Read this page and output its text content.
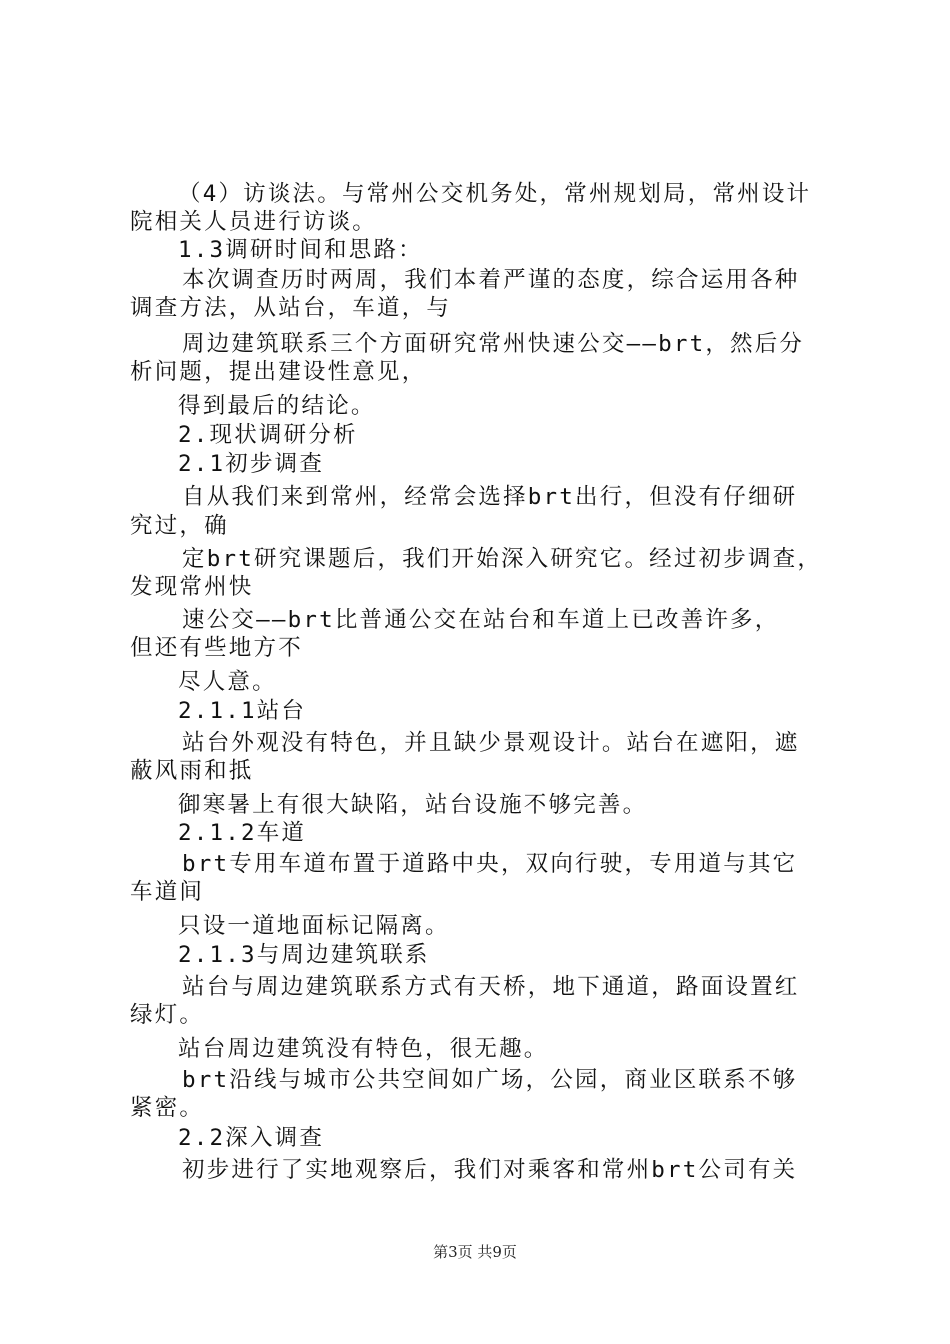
（4）访谈法。与常州公交机务处，常州规划局，常州设计

院相关人员进行访谈。

1.3调研时间和思路：

本次调查历时两周，我们本着严谨的态度，综合运用各种

调查方法，从站台，车道，与

周边建筑联系三个方面研究常州快速公交——brt，然后分

析问题，提出建设性意见，

得到最后的结论。

2.现状调研分析

2.1初步调查

自从我们来到常州，经常会选择brt出行，但没有仔细研

究过，确

定brt研究课题后，我们开始深入研究它。经过初步调查，

发现常州快

速公交——brt比普通公交在站台和车道上已改善许多，

但还有些地方不

尽人意。

2.1.1站台

站台外观没有特色，并且缺少景观设计。站台在遮阳，遮

蔽风雨和抵

御寒暑上有很大缺陷，站台设施不够完善。

2.1.2车道

brt专用车道布置于道路中央，双向行驶，专用道与其它

车道间

只设一道地面标记隔离。

2.1.3与周边建筑联系

站台与周边建筑联系方式有天桥，地下通道，路面设置红

绿灯。

站台周边建筑没有特色，很无趣。

brt沿线与城市公共空间如广场，公园，商业区联系不够

紧密。

2.2深入调查

初步进行了实地观察后，我们对乘客和常州brt公司有关

第3页 共9页
